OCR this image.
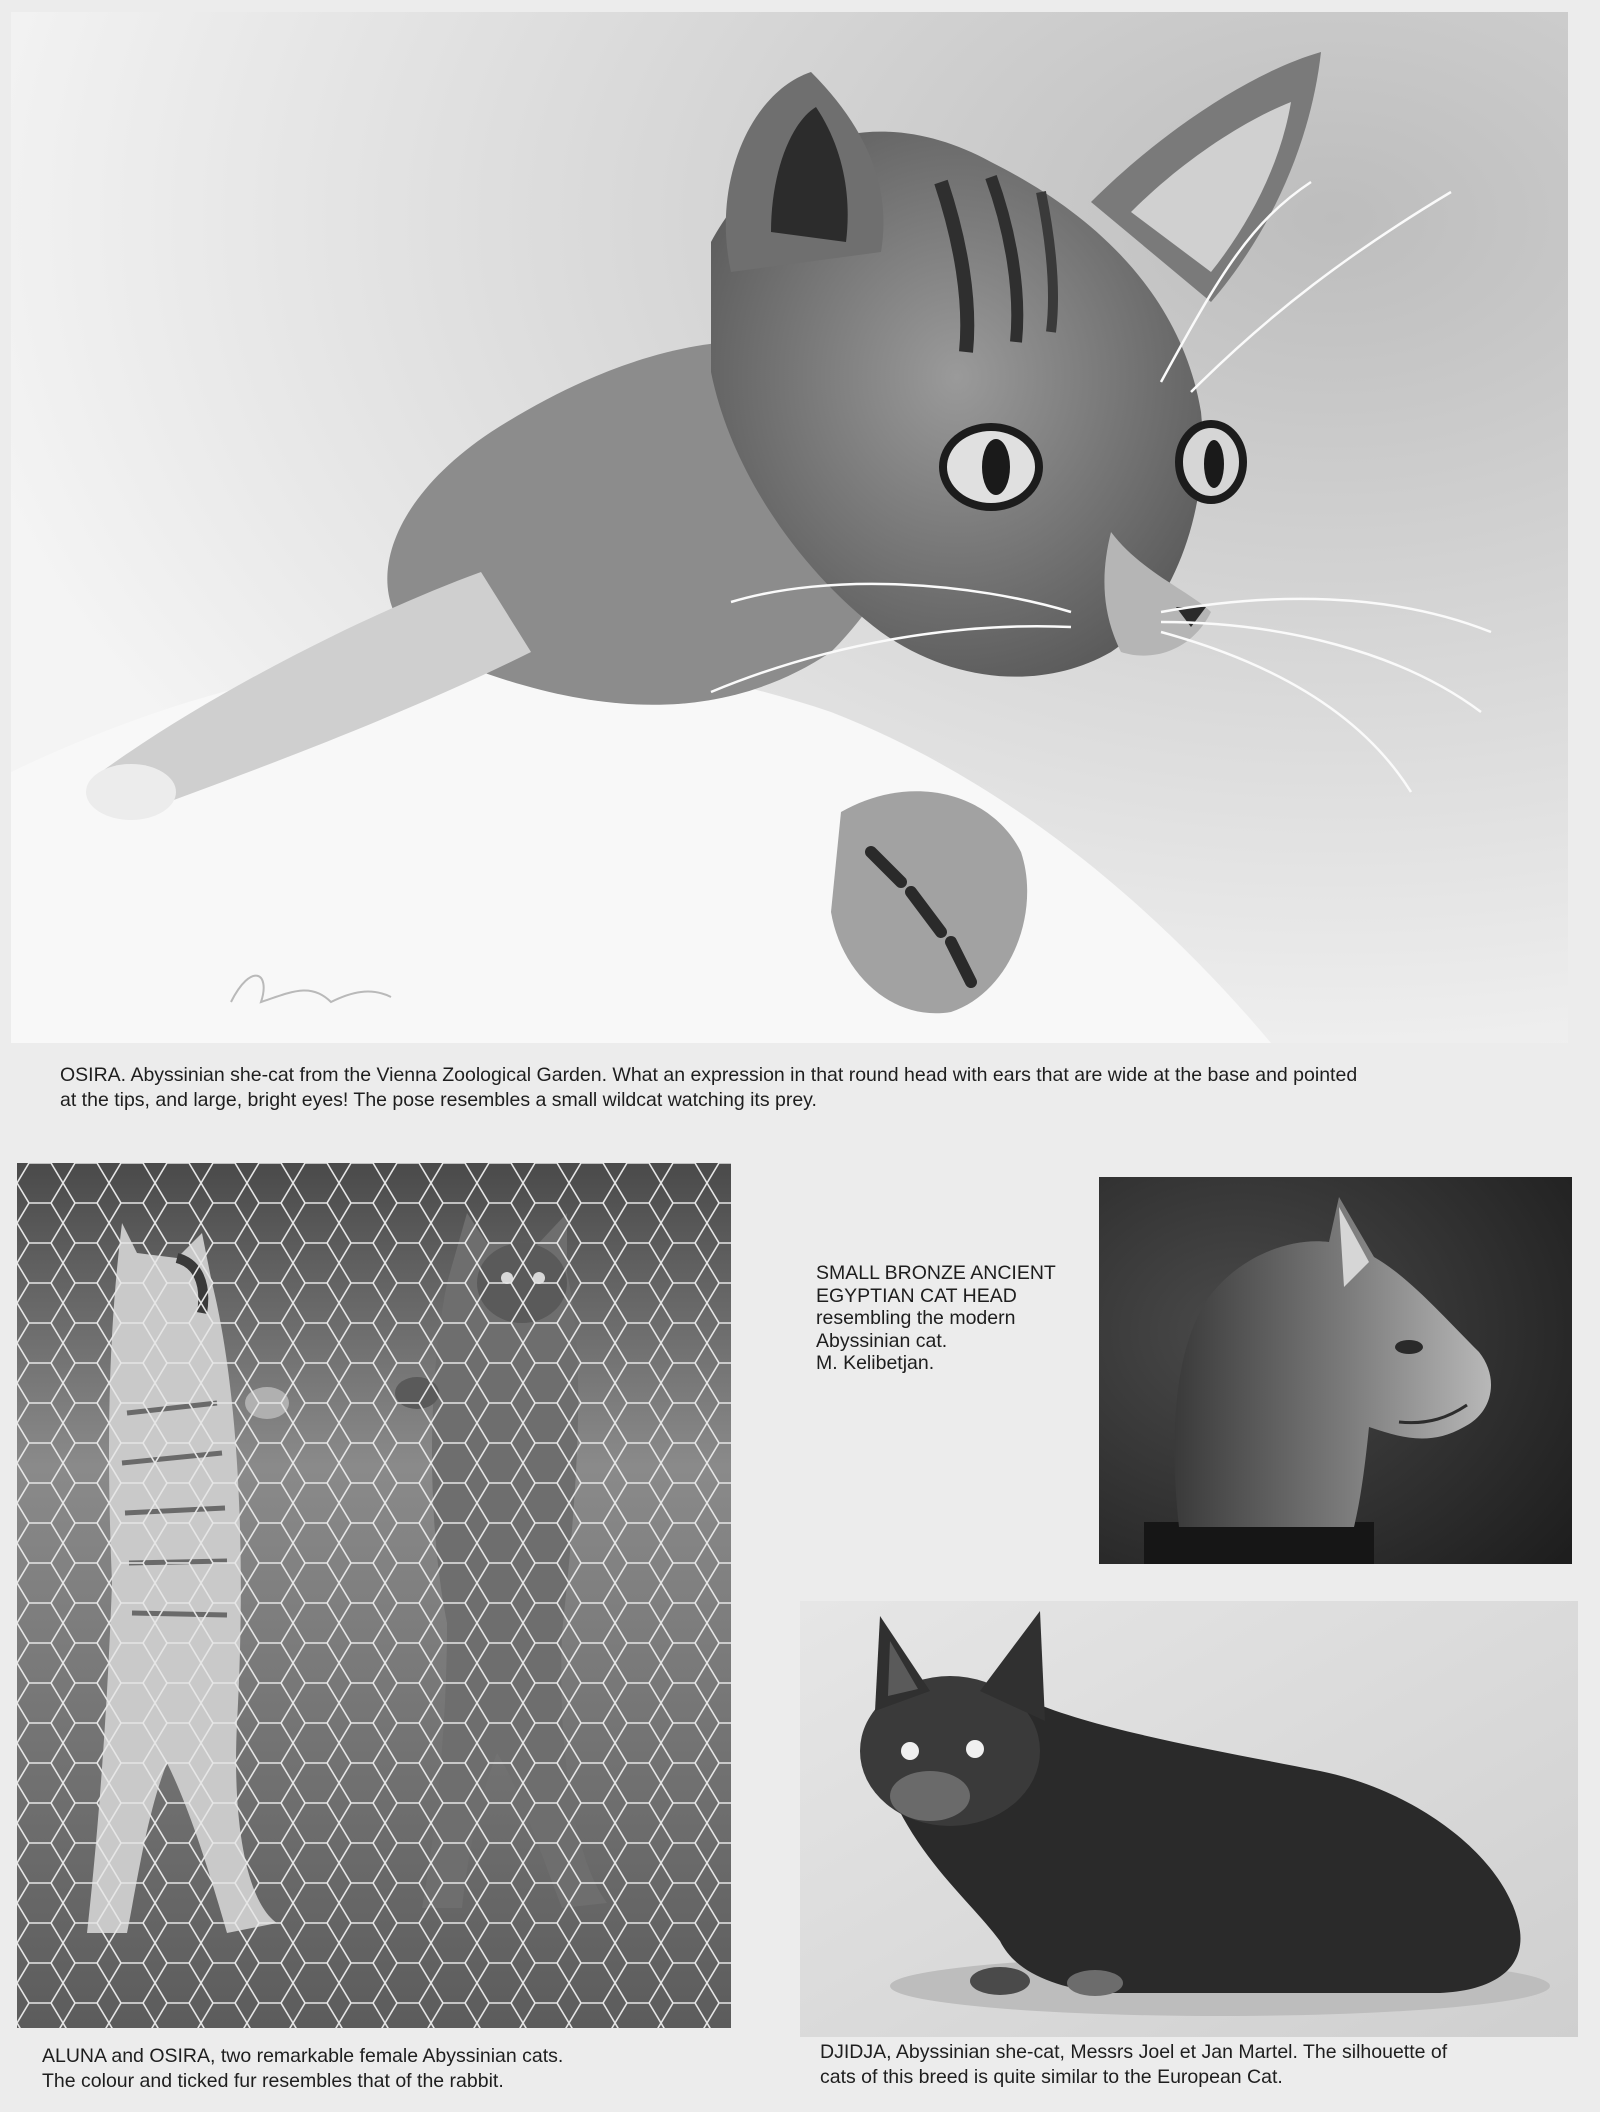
OSIRA. Abyssinian she-cat from the Vienna Zoological Garden. What an expression in that round head with ears that are wide at the base and pointed
at the tips, and large, bright eyes! The pose resembles a small wildcat watching its prey.

ALUNA and OSIRA, two remarkable female Abyssinian cats.
The colour and ticked fur resembles that of the rabbit.

SMALL BRONZE ANCIENT
EGYPTIAN CAT HEAD
resembling the modern
Abyssinian cat.
M. Kelibetjan.

DJIDJA, Abyssinian she-cat, Messrs Joel et Jan Martel. The silhouette of
cats of this breed is quite similar to the European Cat.
